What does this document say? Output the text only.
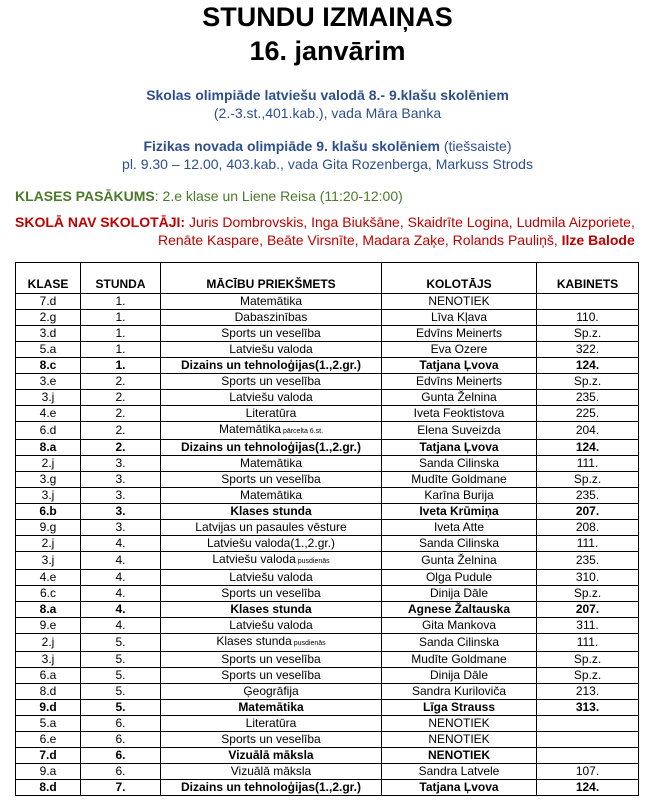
STUNDU IZMAIŅAS
16. janvārim
Skolas olimpiāde latviešu valodā 8.- 9.klašu skolēniem
(2.-3.st.,401.kab.), vada Māra Banka
Fizikas novada olimpiāde 9. klašu skolēniem (tiešsaiste)
pl. 9.30 – 12.00, 403.kab., vada Gita Rozenberga, Markuss Strods
KLASES PASĀKUMS: 2.e klase un Liene Reisa (11:20-12:00)
SKOLĀ NAV SKOLOTĀJI: Juris Dombrovskis, Inga Biukšāne, Skaidrīte Logina, Ludmila Aizporiete,
Renāte Kaspare, Beāte Virsnīte, Madara Zaķe, Rolands Pauliņš, Ilze Balode
KLASE	STUNDA	MĀCĪBU PRIEKŠMETS	KOLOTĀJS	KABINETS
7.d	1.	Matemātika	NENOTIEK	
2.g	1.	Dabaszinības	Līva Kļava	110.
3.d	1.	Sports un veselība	Edvīns Meinerts	Sp.z.
5.a	1.	Latviešu valoda	Eva Ozere	322.
8.c	1.	Dizains un tehnoloģijas(1.,2.gr.)	Tatjana Ļvova	124.
3.e	2.	Sports un veselība	Edvīns Meinerts	Sp.z.
3.j	2.	Latviešu valoda	Gunta Želnina	235.
4.e	2.	Literatūra	Iveta Feoktistova	225.
6.d	2.	Matemātika pārcelta 6.st.	Elena Suveizda	204.
8.a	2.	Dizains un tehnoloģijas(1.,2.gr.)	Tatjana Ļvova	124.
2.j	3.	Matemātika	Sanda Cilinska	111.
3.g	3.	Sports un veselība	Mudīte Goldmane	Sp.z.
3.j	3.	Matemātika	Karīna Burija	235.
6.b	3.	Klases stunda	Iveta Krūmiņa	207.
9.g	3.	Latvijas un pasaules vēsture	Iveta Atte	208.
2.j	4.	Latviešu valoda(1.,2.gr.)	Sanda Cilinska	111.
3.j	4.	Latviešu valoda pusdienās	Gunta Želnina	235.
4.e	4.	Latviešu valoda	Olga Pudule	310.
6.c	4.	Sports un veselība	Dinija Dāle	Sp.z.
8.a	4.	Klases stunda	Agnese Žaltauska	207.
9.e	4.	Latviešu valoda	Gita Mankova	311.
2.j	5.	Klases stunda pusdienās	Sanda Cilinska	111.
3.j	5.	Sports un veselība	Mudīte Goldmane	Sp.z.
6.a	5.	Sports un veselība	Dinija Dāle	Sp.z.
8.d	5.	Ģeogrāfija	Sandra Kuriloviča	213.
9.d	5.	Matemātika	Līga Strauss	313.
5.a	6.	Literatūra	NENOTIEK	
6.e	6.	Sports un veselība	NENOTIEK	
7.d	6.	Vizuālā māksla	NENOTIEK	
9.a	6.	Vizuālā māksla	Sandra Latvele	107.
8.d	7.	Dizains un tehnoloģijas(1.,2.gr.)	Tatjana Ļvova	124.
